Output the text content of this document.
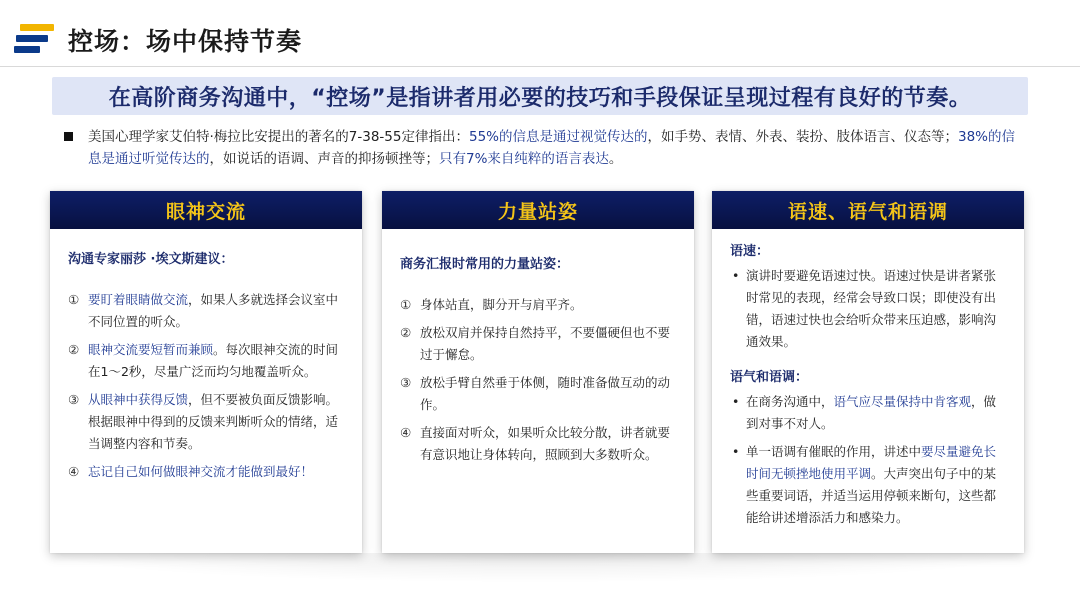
控场：场中保持节奏
在高阶商务沟通中，“控场”是指讲者用必要的技巧和手段保证呈现过程有良好的节奏。

美国心理学家艾伯特·梅拉比安提出的著名的7-38-55定律指出：55%的信息是通过视觉传达的，如手势、表情、外表、装扮、肢体语言、仪态等；38%的信息是通过听觉传达的，如说话的语调、声音的抑扬顿挫等；只有7%来自纯粹的语言表达。

眼神交流
沟通专家丽莎 ·埃文斯建议：
① 要盯着眼睛做交流，如果人多就选择会议室中不同位置的听众。
② 眼神交流要短暂而兼顾。每次眼神交流的时间在1～2秒，尽量广泛而均匀地覆盖听众。
③ 从眼神中获得反馈，但不要被负面反馈影响。根据眼神中得到的反馈来判断听众的情绪，适当调整内容和节奏。
④ 忘记自己如何做眼神交流才能做到最好！
力量站姿
商务汇报时常用的力量站姿：
① 身体站直，脚分开与肩平齐。
② 放松双肩并保持自然持平，不要僵硬但也不要过于懈怠。
③ 放松手臂自然垂于体侧，随时准备做互动的动作。
④ 直接面对听众，如果听众比较分散，讲者就要有意识地让身体转向，照顾到大多数听众。
语速、语气和语调
语速：
• 演讲时要避免语速过快。语速过快是讲者紧张时常见的表现，经常会导致口误；即使没有出错，语速过快也会给听众带来压迫感，影响沟通效果。
语气和语调：
• 在商务沟通中，语气应尽量保持中肯客观，做到对事不对人。
• 单一语调有催眠的作用，讲述中要尽量避免长时间无顿挫地使用平调。大声突出句子中的某些重要词语，并适当运用停顿来断句，这些都能给讲述增添活力和感染力。
